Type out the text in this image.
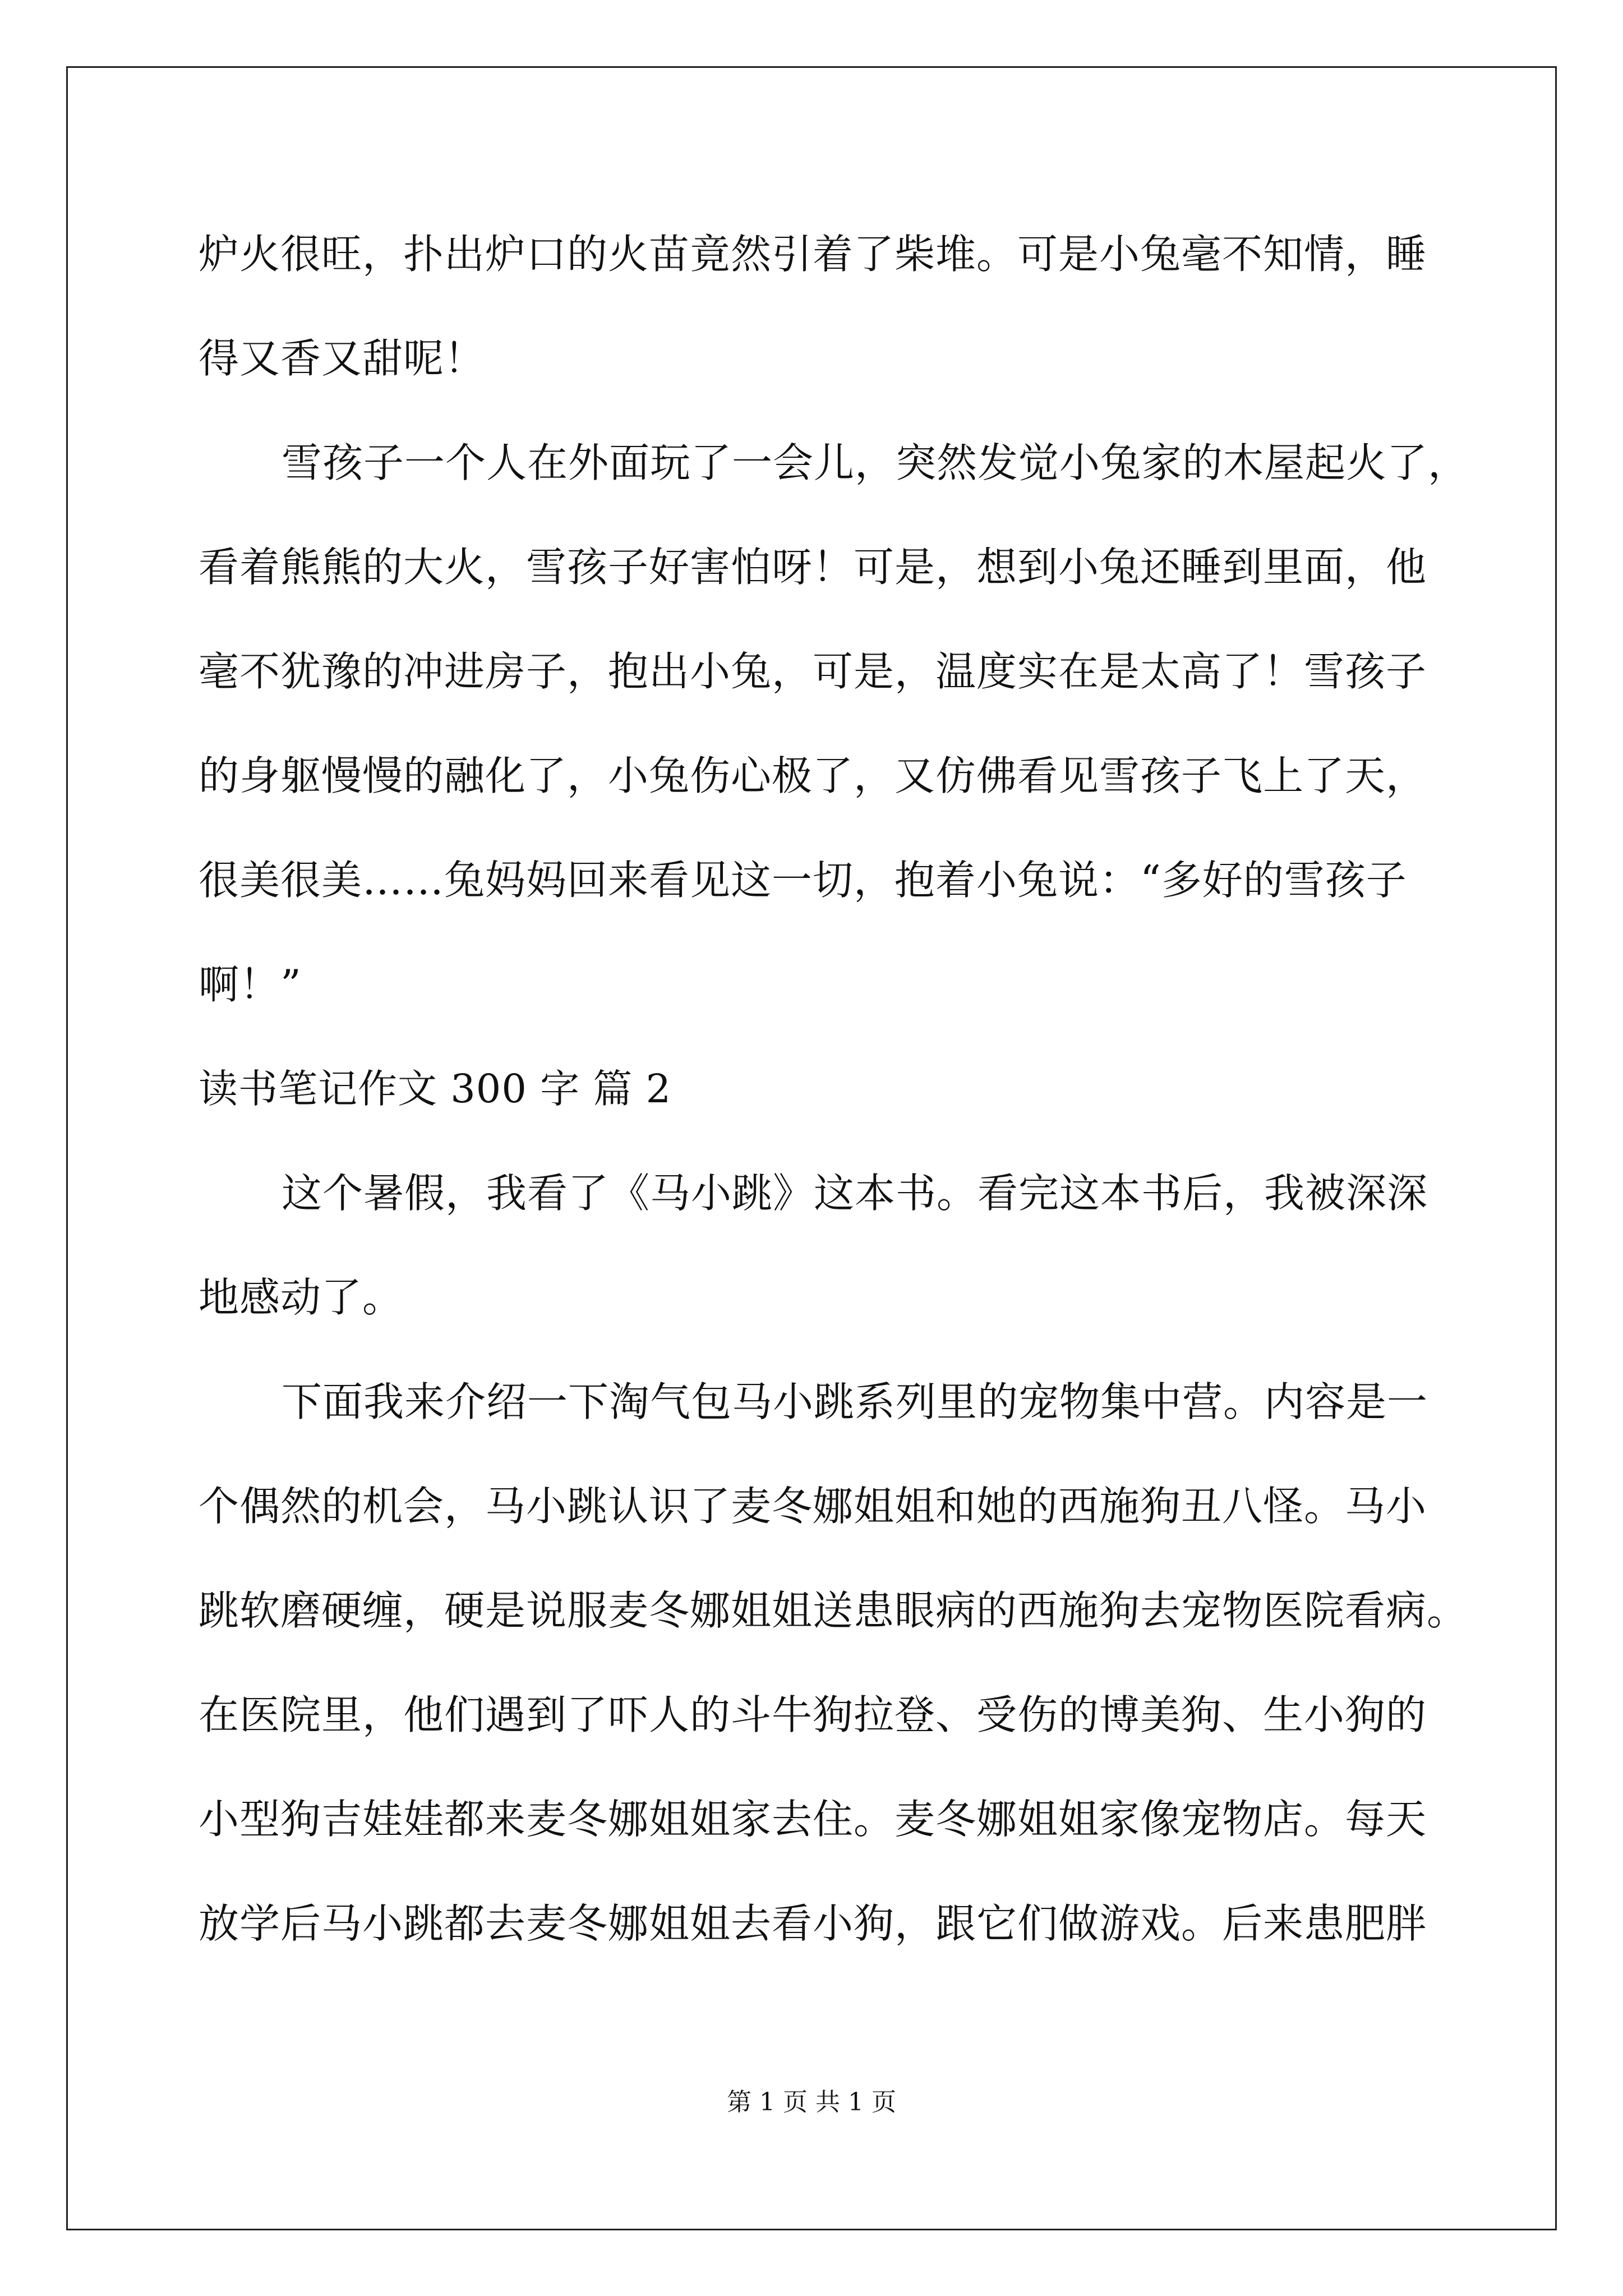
炉火很旺，扑出炉口的火苗竟然引着了柴堆。可是小兔毫不知情，睡
得又香又甜呢！
雪孩子一个人在外面玩了一会儿，突然发觉小兔家的木屋起火了，
看着熊熊的大火，雪孩子好害怕呀！可是，想到小兔还睡到里面，他
毫不犹豫的冲进房子，抱出小兔，可是，温度实在是太高了！雪孩子
的身躯慢慢的融化了，小兔伤心极了，又仿佛看见雪孩子飞上了天，
很美很美……兔妈妈回来看见这一切，抱着小兔说：“多好的雪孩子
啊！”
读书笔记作文 300 字 篇 2
这个暑假，我看了《马小跳》这本书。看完这本书后，我被深深
地感动了。
下面我来介绍一下淘气包马小跳系列里的宠物集中营。内容是一
个偶然的机会，马小跳认识了麦冬娜姐姐和她的西施狗丑八怪。马小
跳软磨硬缠，硬是说服麦冬娜姐姐送患眼病的西施狗去宠物医院看病。
在医院里，他们遇到了吓人的斗牛狗拉登、受伤的博美狗、生小狗的
小型狗吉娃娃都来麦冬娜姐姐家去住。麦冬娜姐姐家像宠物店。每天
放学后马小跳都去麦冬娜姐姐去看小狗，跟它们做游戏。后来患肥胖
第 1 页 共 1 页
